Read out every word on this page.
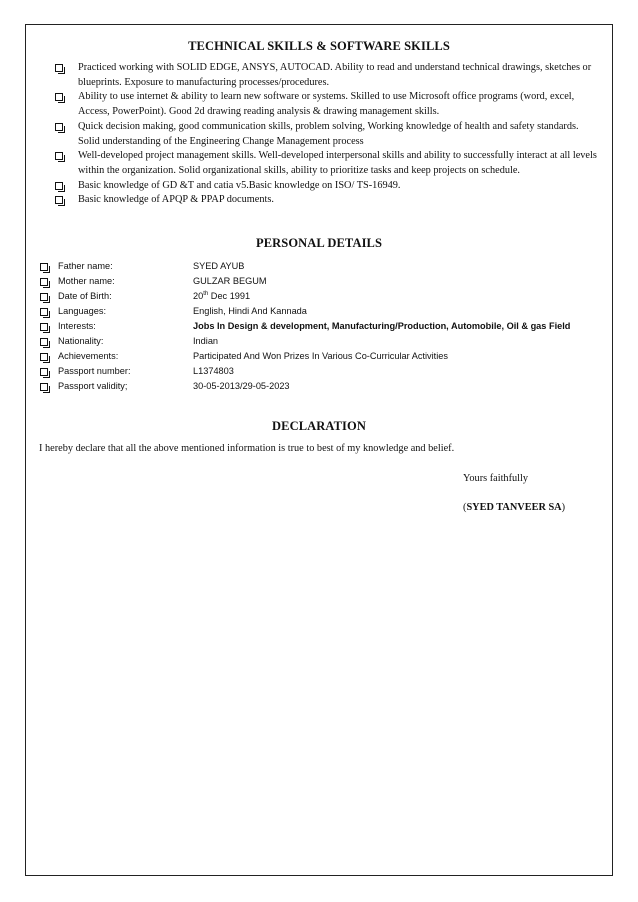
TECHNICAL SKILLS & SOFTWARE SKILLS
Practiced working with SOLID EDGE, ANSYS, AUTOCAD. Ability to read and understand technical drawings, sketches or blueprints. Exposure to manufacturing processes/procedures.
Ability to use internet & ability to learn new software or systems. Skilled to use Microsoft office programs (word, excel, Access, PowerPoint). Good 2d drawing reading analysis & drawing management skills.
Quick decision making, good communication skills, problem solving, Working knowledge of health and safety standards. Solid understanding of the Engineering Change Management process
Well-developed project management skills. Well-developed interpersonal skills and ability to successfully interact at all levels within the organization. Solid organizational skills, ability to prioritize tasks and keep projects on schedule.
Basic knowledge of GD &T and catia v5.Basic knowledge on ISO/ TS-16949.
Basic knowledge of APQP & PPAP documents.
PERSONAL DETAILS
Father name:	SYED AYUB
Mother name:	GULZAR BEGUM
Date of Birth:	20th Dec 1991
Languages:	English, Hindi And Kannada
Interests:	Jobs In Design & development, Manufacturing/Production, Automobile, Oil & gas Field
Nationality:	Indian
Achievements:	Participated And Won Prizes In Various Co-Curricular Activities
Passport number:	L1374803
Passport validity;	30-05-2013/29-05-2023
DECLARATION
I hereby declare that all the above mentioned information is true to best of my knowledge and belief.
Yours faithfully
(SYED TANVEER SA)
